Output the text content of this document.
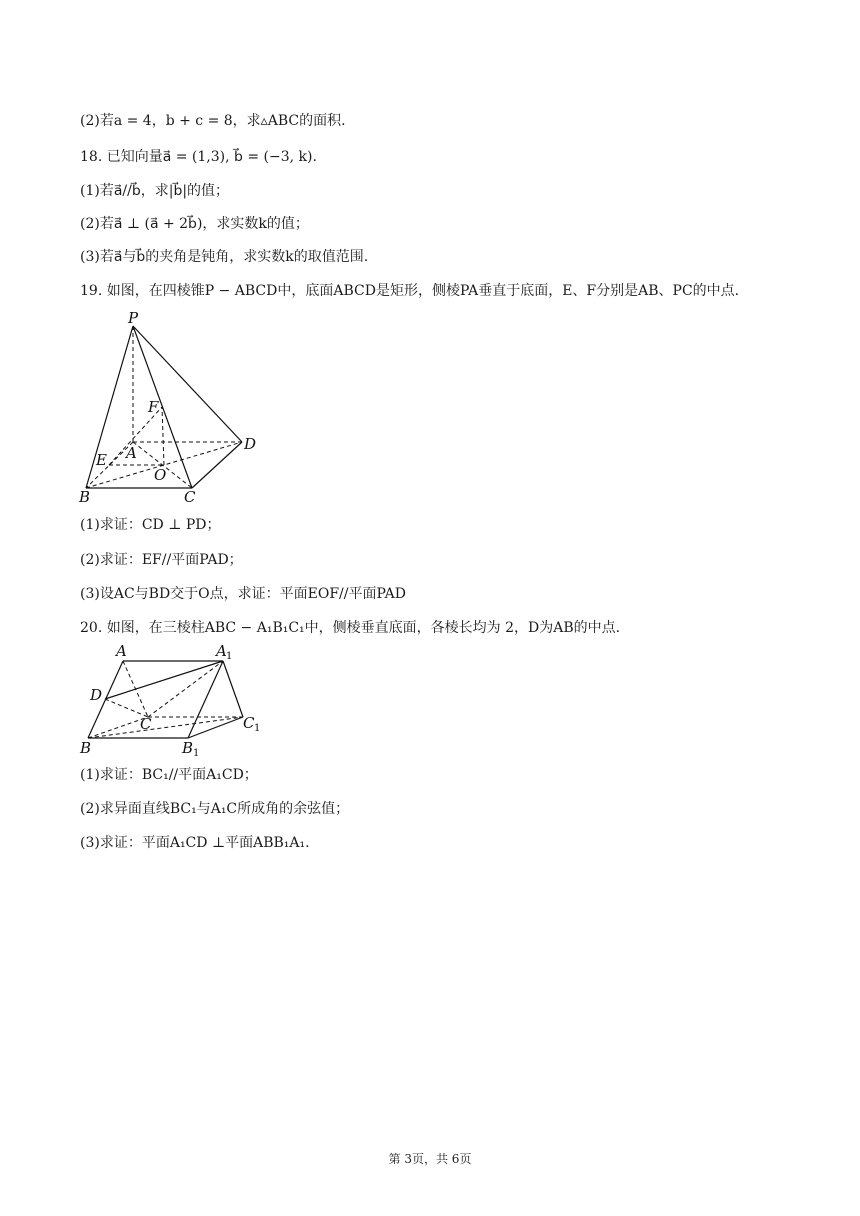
(2)若a = 4，b + c = 8，求▵ABC的面积.
18. 已知向量a⃗ = (1,3), b⃗ = (−3, k).
(1)若a⃗//b⃗，求|b⃗|的值；
(2)若a⃗ ⊥ (a⃗ + 2b⃗)，求实数k的值；
(3)若a⃗与b⃗的夹角是钝角，求实数k的取值范围.
19. 如图，在四棱锥P − ABCD中，底面ABCD是矩形，侧棱PA垂直于底面，E、F分别是AB、PC的中点.
P
F
A	D
E
O
B	C
(1)求证：CD ⊥ PD；
(2)求证：EF//平面PAD；
(3)设AC与BD交于O点，求证：平面EOF//平面PAD
20. 如图，在三棱柱ABC − A₁B₁C₁中，侧棱垂直底面，各棱长均为 2，D为AB的中点.
A	A 1
D
C	C 1
B	B 1
(1)求证：BC₁//平面A₁CD；
(2)求异面直线BC₁与A₁C所成角的余弦值；
(3)求证：平面A₁CD ⊥平面ABB₁A₁.
第 3页，共 6页
